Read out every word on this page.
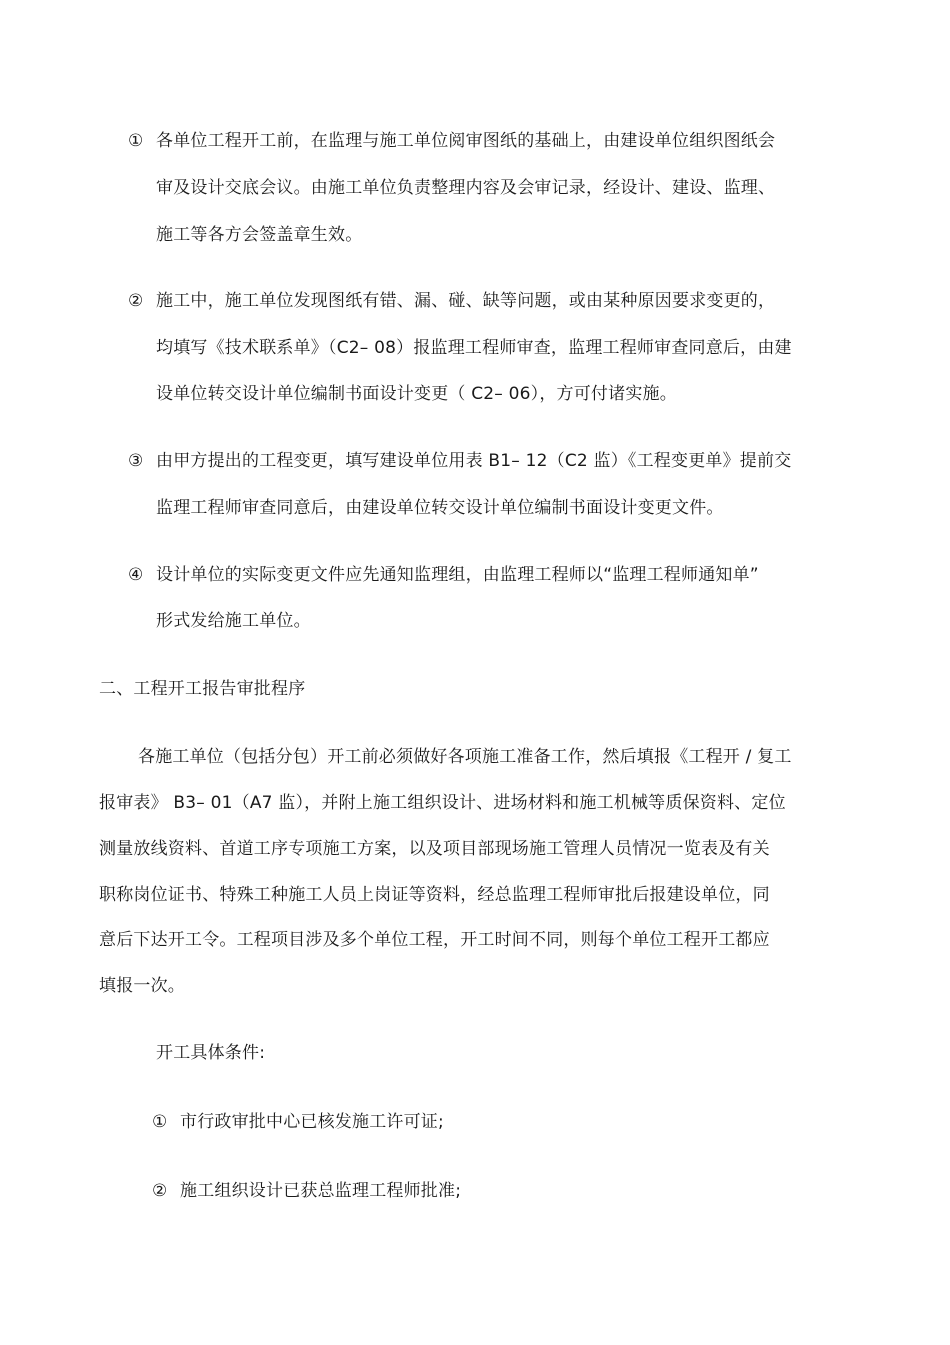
① 各单位工程开工前，在监理与施工单位阅审图纸的基础上，由建设单位组织图纸会
审及设计交底会议。由施工单位负责整理内容及会审记录，经设计、建设、监理、
施工等各方会签盖章生效。
② 施工中，施工单位发现图纸有错、漏、碰、缺等问题，或由某种原因要求变更的，
均填写《技术联系单》（C2– 08）报监理工程师审查，监理工程师审查同意后，由建
设单位转交设计单位编制书面设计变更（ C2– 06），方可付诸实施。
③ 由甲方提出的工程变更，填写建设单位用表 B1– 12（C2 监）《工程变更单》提前交
监理工程师审查同意后，由建设单位转交设计单位编制书面设计变更文件。
④ 设计单位的实际变更文件应先通知监理组，由监理工程师以“监理工程师通知单”
形式发给施工单位。
二、工程开工报告审批程序
各施工单位（包括分包）开工前必须做好各项施工准备工作，然后填报《工程开 / 复工
报审表》 B3– 01（A7 监），并附上施工组织设计、进场材料和施工机械等质保资料、定位
测量放线资料、首道工序专项施工方案，以及项目部现场施工管理人员情况一览表及有关
职称岗位证书、特殊工种施工人员上岗证等资料，经总监理工程师审批后报建设单位，同
意后下达开工令。工程项目涉及多个单位工程，开工时间不同，则每个单位工程开工都应
填报一次。
开工具体条件:
① 市行政审批中心已核发施工许可证;
② 施工组织设计已获总监理工程师批准;
